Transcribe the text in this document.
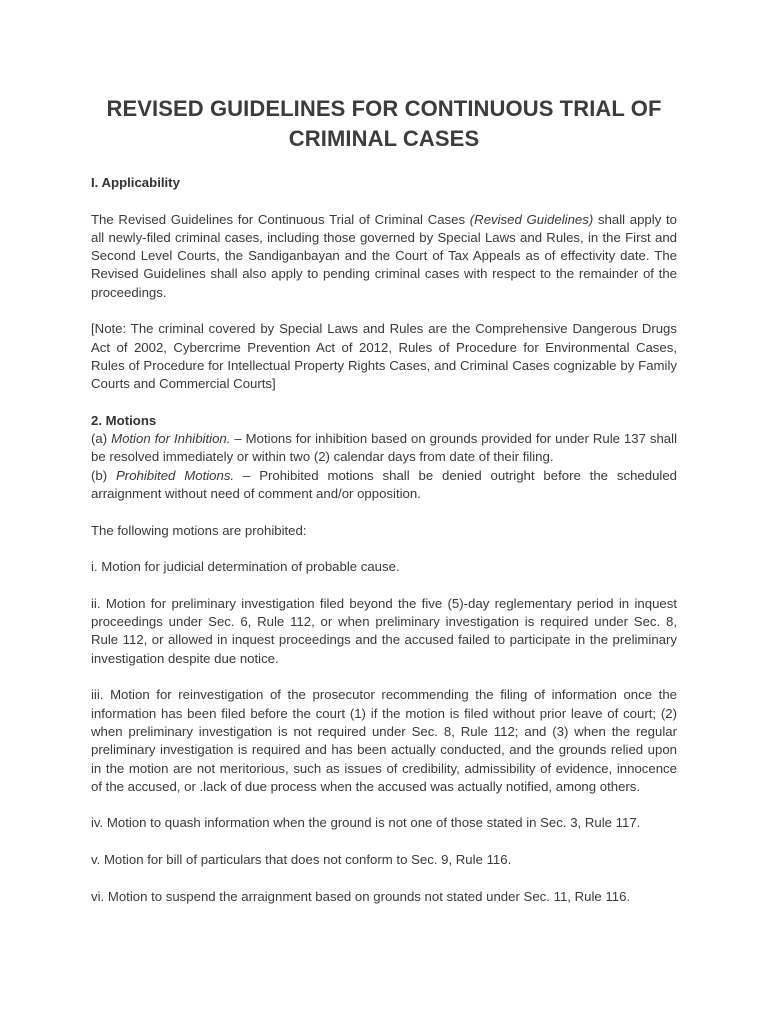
REVISED GUIDELINES FOR CONTINUOUS TRIAL OF
CRIMINAL CASES

I. Applicability

The Revised Guidelines for Continuous Trial of Criminal Cases (Revised Guidelines) shall apply to all newly-filed criminal cases, including those governed by Special Laws and Rules, in the First and Second Level Courts, the Sandiganbayan and the Court of Tax Appeals as of effectivity date. The Revised Guidelines shall also apply to pending criminal cases with respect to the remainder of the proceedings.

[Note: The criminal covered by Special Laws and Rules are the Comprehensive Dangerous Drugs Act of 2002, Cybercrime Prevention Act of 2012, Rules of Procedure for Environmental Cases, Rules of Procedure for Intellectual Property Rights Cases, and Criminal Cases cognizable by Family Courts and Commercial Courts]

2. Motions

(a) Motion for Inhibition. – Motions for inhibition based on grounds provided for under Rule 137 shall be resolved immediately or within two (2) calendar days from date of their filing.

(b) Prohibited Motions. – Prohibited motions shall be denied outright before the scheduled arraignment without need of comment and/or opposition.

The following motions are prohibited:

i. Motion for judicial determination of probable cause.

ii. Motion for preliminary investigation filed beyond the five (5)-day reglementary period in inquest proceedings under Sec. 6, Rule 112, or when preliminary investigation is required under Sec. 8, Rule 112, or allowed in inquest proceedings and the accused failed to participate in the preliminary investigation despite due notice.

iii. Motion for reinvestigation of the prosecutor recommending the filing of information once the information has been filed before the court (1) if the motion is filed without prior leave of court; (2) when preliminary investigation is not required under Sec. 8, Rule 112; and (3) when the regular preliminary investigation is required and has been actually conducted, and the grounds relied upon in the motion are not meritorious, such as issues of credibility, admissibility of evidence, innocence of the accused, or .lack of due process when the accused was actually notified, among others.

iv. Motion to quash information when the ground is not one of those stated in Sec. 3, Rule 117.

v. Motion for bill of particulars that does not conform to Sec. 9, Rule 116.

vi. Motion to suspend the arraignment based on grounds not stated under Sec. 11, Rule 116.
